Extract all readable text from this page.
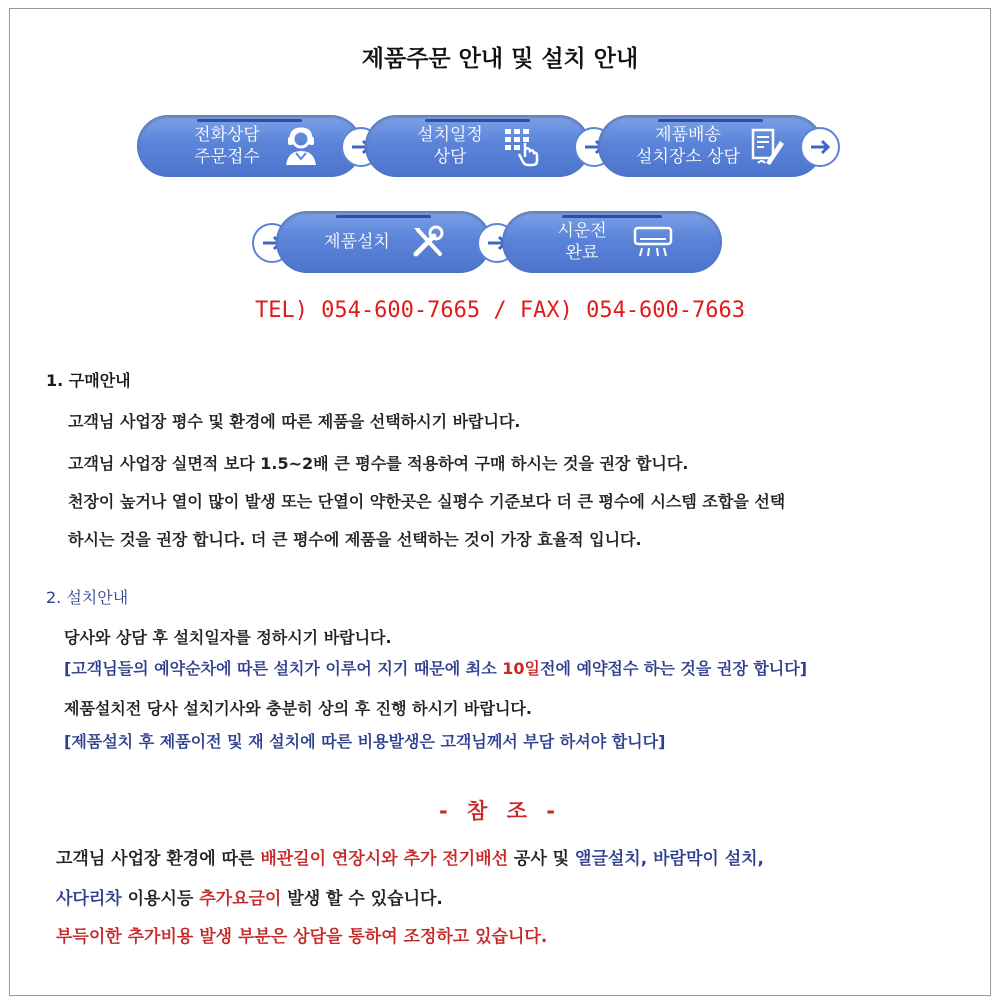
제품주문 안내 및 설치 안내
전화상담
주문접수
설치일정
상담
제품배송
설치장소 상담
제품설치
시운전
완료
TEL) 054-600-7665 / FAX) 054-600-7663
1. 구매안내
고객님 사업장 평수 및 환경에 따른 제품을 선택하시기 바랍니다.
고객님 사업장 실면적 보다 1.5~2배 큰 평수를 적용하여 구매 하시는 것을 권장 합니다.
천장이 높거나 열이 많이 발생 또는 단열이 약한곳은 실평수 기준보다 더 큰 평수에 시스템 조합을 선택
하시는 것을 권장 합니다. 더 큰 평수에 제품을 선택하는 것이 가장 효율적 입니다.
2. 설치안내
당사와 상담 후 설치일자를 정하시기 바랍니다.
[고객님들의 예약순차에 따른 설치가 이루어 지기 때문에 최소 10일전에 예약접수 하는 것을 권장 합니다]
제품설치전 당사 설치기사와 충분히 상의 후 진행 하시기 바랍니다.
[제품설치 후 제품이전 및 재 설치에 따른 비용발생은 고객님께서 부담 하셔야 합니다]
- 참 조 -
고객님 사업장 환경에 따른 배관길이 연장시와 추가 전기배선 공사 및 앨글설치, 바람막이 설치,
사다리차 이용시등 추가요금이 발생 할 수 있습니다.
부득이한 추가비용 발생 부분은 상담을 통하여 조정하고 있습니다.
